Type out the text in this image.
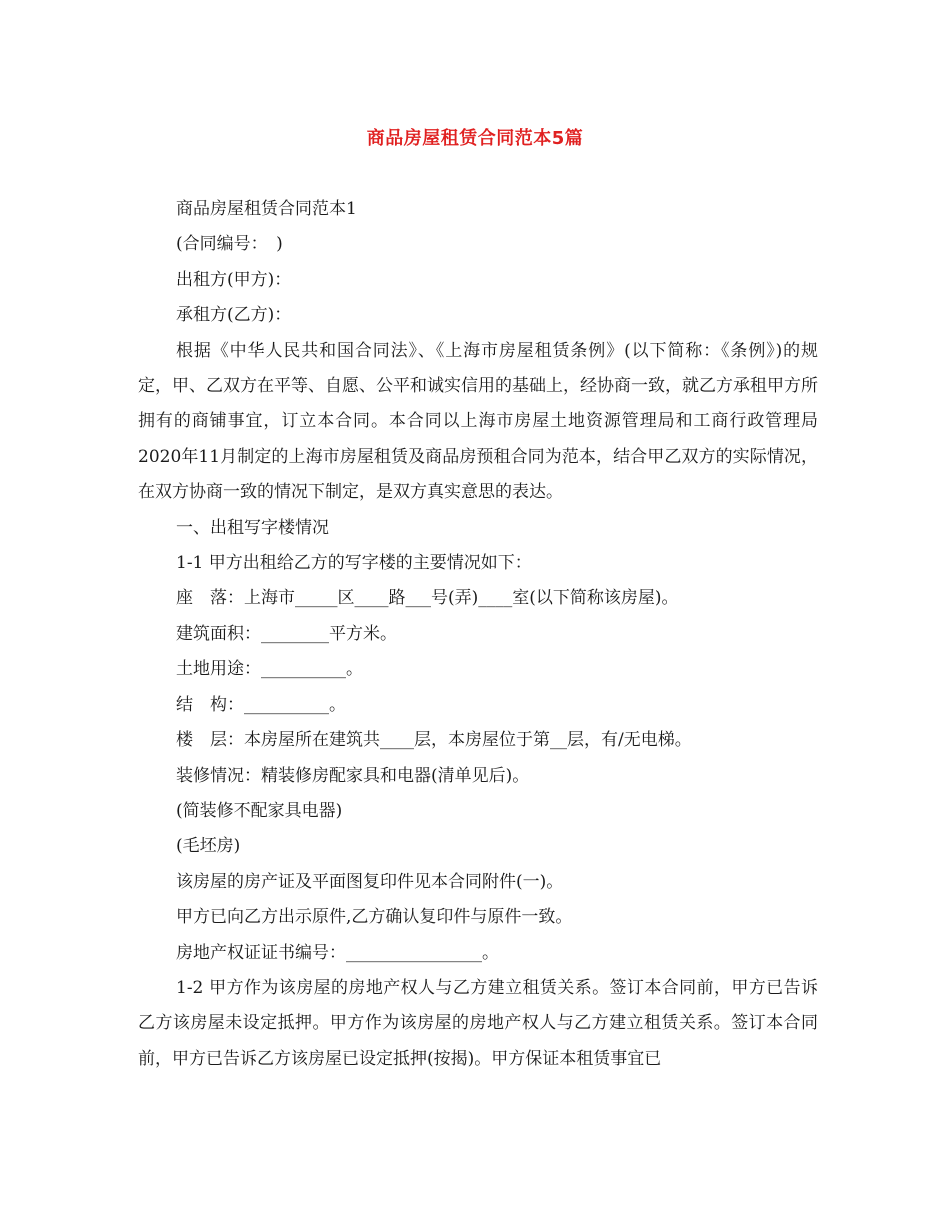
商品房屋租赁合同范本5篇
商品房屋租赁合同范本1
(合同编号：　)
出租方(甲方)：
承租方(乙方)：
根据《中华人民共和国合同法》、《上海市房屋租赁条例》(以下简称：《条例》)的规定，甲、乙双方在平等、自愿、公平和诚实信用的基础上，经协商一致，就乙方承租甲方所拥有的商铺事宜，订立本合同。本合同以上海市房屋土地资源管理局和工商行政管理局2020年11月制定的上海市房屋租赁及商品房预租合同为范本，结合甲乙双方的实际情况，在双方协商一致的情况下制定，是双方真实意思的表达。
一、出租写字楼情况
1-1 甲方出租给乙方的写字楼的主要情况如下：
座　落：上海市_____区____路___号(弄)____室(以下简称该房屋)。
建筑面积：________平方米。
土地用途：__________。
结　构：__________。
楼　层：本房屋所在建筑共____层，本房屋位于第__层，有/无电梯。
装修情况：精装修房配家具和电器(清单见后)。
(简装修不配家具电器)
(毛坯房)
该房屋的房产证及平面图复印件见本合同附件(一)。
甲方已向乙方出示原件,乙方确认复印件与原件一致。
房地产权证证书编号：________________。
1-2 甲方作为该房屋的房地产权人与乙方建立租赁关系。签订本合同前，甲方已告诉乙方该房屋未设定抵押。甲方作为该房屋的房地产权人与乙方建立租赁关系。签订本合同前，甲方已告诉乙方该房屋已设定抵押(按揭)。甲方保证本租赁事宜已
